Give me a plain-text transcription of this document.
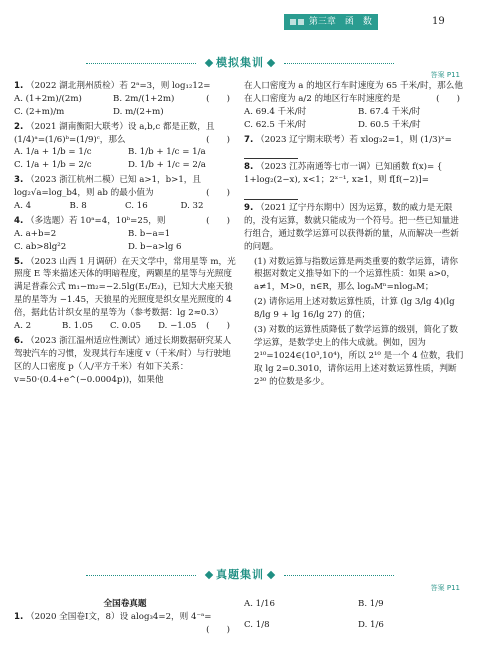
第三章　函　数	19
模拟集训
答案 P11
1. （2022 湖北荆州质检）若 2ᵃ=3，则 log₁₂12=
(　　)
A. (1+2m)/(2m)	B. 2m/(1+2m)
C. (2+m)/m	D. m/(2+m)
2. （2021 湖南衡阳大联考）设 a,b,c 都是正数，且 (1/4)ᵃ=(1/6)ᵇ=(1/9)ᶜ，那么	(　　)
A. 1/a + 1/b = 1/c	B. 1/b + 1/c = 1/a
C. 1/a + 1/b = 2/c	D. 1/b + 1/c = 2/a
3. （2023 浙江杭州二模）已知 a>1，b>1，且 log₂√a=log_b4，则 ab 的最小值为	(　　)
A. 4	B. 8	C. 16	D. 32
4. （多选题）若 10ᵃ=4，10ᵇ=25，则	(　　)
A. a+b=2	B. b−a=1
C. ab>8lg²2	D. b−a>lg 6
5. （2023 山西 1 月调研）在天文学中，常用星等 m，光照度 E 等来描述天体的明暗程度，两颗星的星等与光照度满足普森公式 m₁−m₂=−2.5lg(E₁/E₂)，已知大犬座天狼星的星等为 −1.45，天狼星的光照度是织女星光照度的 4 倍，据此估计织女星的星等为（参考数据：lg 2≈0.3）
(　　)
A. 2	B. 1.05	C. 0.05	D. −1.05
6. （2023 浙江温州适应性测试）通过长期数据研究某人驾驶汽车的习惯，发现其行车速度 v（千米/时）与行驶地区的人口密度 p（人/平方千米）有如下关系：v=50·(0.4+e^(−0.0004p))，如果他
在人口密度为 a 的地区行车时速度为 65 千米/时，那么他在人口密度为 a/2 的地区行车时速度约是	(　　)
A. 69.4 千米/时	B. 67.4 千米/时
C. 62.5 千米/时	D. 60.5 千米/时
7. （2023 辽宁期末联考）若 xlog₃2=1，则 (1/3)ˣ=
8. （2023 江苏南通等七市一调）已知函数 f(x)= { 1+log₂(2−x), x<1；2ˣ⁻¹, x≥1，则 f[f(−2)]=
9. （2021 辽宁丹东期中）因为运算，数的威力是无限的，没有运算，数就只能成为一个符号。把一些已知量进行组合，通过数学运算可以获得新的量，从而解决一些新的问题。
(1) 对数运算与指数运算是两类重要的数学运算，请你根据对数定义推导如下的一个运算性质：如果 a>0，a≠1，M>0，n∈R，那么 logₐMⁿ=nlogₐM；
(2) 请你运用上述对数运算性质，计算 (lg 3/lg 4)(lg 8/lg 9 + lg 16/lg 27) 的值；
(3) 对数的运算性质降低了数学运算的级别，简化了数学运算，是数学史上的伟大成就。例如，因为 2¹⁰=1024∈(10³,10⁴)，所以 2¹⁰ 是一个 4 位数，我们取 lg 2=0.3010，请你运用上述对数运算性质，判断 2³⁰ 的位数是多少。
真题集训
答案 P11
全国卷真题
1. （2020 全国卷Ⅰ文，8）设 alog₃4=2，则 4⁻ᵃ=
(　　)
A. 1/16	B. 1/9
C. 1/8	D. 1/6
